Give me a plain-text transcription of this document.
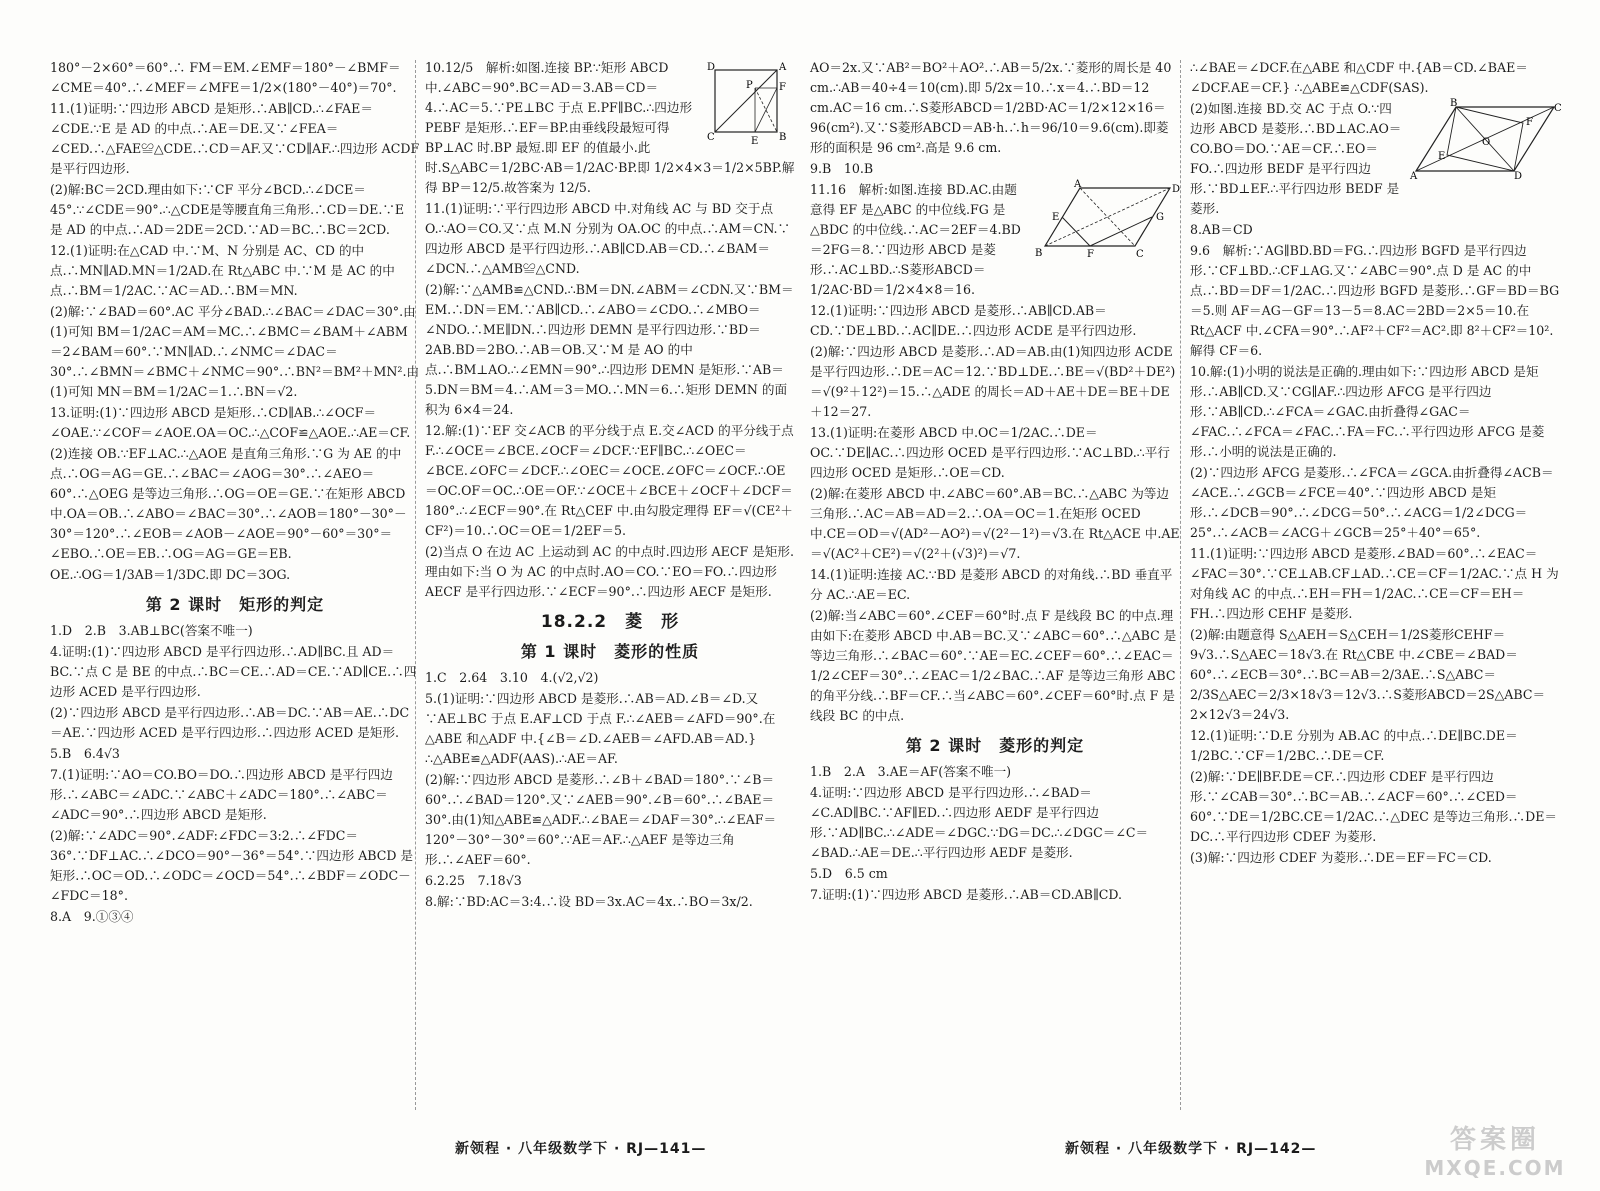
180°－2×60°＝60°.∴ FM＝EM.∠EMF＝180°－∠BMF＝∠CME＝40°.∴∠MEF＝∠MFE＝1/2×(180°－40°)＝70°.

11.(1)证明:∵四边形 ABCD 是矩形.∴AB∥CD.∴∠FAE＝∠CDE.∵E 是 AD 的中点.∴AE＝DE.又∵∠FEA＝∠CED.∴△FAE≌△CDE.∴CD＝AF.又∵CD∥AF.∴四边形 ACDF 是平行四边形.

(2)解:BC＝2CD.理由如下:∵CF 平分∠BCD.∴∠DCE＝45°.∵∠CDE＝90°.∴△CDE是等腰直角三角形.∴CD＝DE.∵E 是 AD 的中点.∴AD＝2DE＝2CD.∵AD＝BC.∴BC＝2CD.

12.(1)证明:在△CAD 中.∵M、N 分别是 AC、CD 的中点.∴MN∥AD.MN＝1/2AD.在 Rt△ABC 中.∵M 是 AC 的中点.∴BM＝1/2AC.∵AC＝AD.∴BM＝MN.

(2)解:∵∠BAD＝60°.AC 平分∠BAD.∴∠BAC＝∠DAC＝30°.由(1)可知 BM＝1/2AC＝AM＝MC.∴∠BMC＝∠BAM＋∠ABM＝2∠BAM＝60°.∵MN∥AD.∴∠NMC＝∠DAC＝30°.∴∠BMN＝∠BMC＋∠NMC＝90°.∴BN²＝BM²＋MN².由(1)可知 MN＝BM＝1/2AC＝1.∴BN＝√2.

13.证明:(1)∵四边形 ABCD 是矩形.∴CD∥AB.∴∠OCF＝∠OAE.∵∠COF＝∠AOE.OA＝OC.∴△COF≌△AOE.∴AE＝CF.

(2)连接 OB.∵EF⊥AC.∴△AOE 是直角三角形.∵G 为 AE 的中点.∴OG＝AG＝GE.∴∠BAC＝∠AOG＝30°.∴∠AEO＝60°.∴△OEG 是等边三角形.∴OG＝OE＝GE.∵在矩形 ABCD 中.OA＝OB.∴∠ABO＝∠BAC＝30°.∴∠AOB＝180°－30°－30°＝120°.∴∠EOB＝∠AOB－∠AOE＝90°－60°＝30°＝∠EBO.∴OE＝EB.∴OG＝AG＝GE＝EB.

OE.∴OG＝1/3AB＝1/3DC.即 DC＝3OG.

第 2 课时　矩形的判定

1.D　2.B　3.AB⊥BC(答案不唯一)

4.证明:(1)∵四边形 ABCD 是平行四边形.∴AD∥BC.且 AD＝BC.∵点 C 是 BE 的中点.∴BC＝CE.∴AD＝CE.∵AD∥CE.∴四边形 ACED 是平行四边形.

(2)∵四边形 ABCD 是平行四边形.∴AB＝DC.∵AB＝AE.∴DC＝AE.∵四边形 ACED 是平行四边形.∴四边形 ACED 是矩形.

5.B　6.4√3

7.(1)证明:∵AO＝CO.BO＝DO.∴四边形 ABCD 是平行四边形.∴∠ABC＝∠ADC.∵∠ABC＋∠ADC＝180°.∴∠ABC＝∠ADC＝90°.∴四边形 ABCD 是矩形.

(2)解:∵∠ADC＝90°.∠ADF:∠FDC＝3:2.∴∠FDC＝36°.∵DF⊥AC.∴∠DCO＝90°－36°＝54°.∵四边形 ABCD 是矩形.∴OC＝OD.∴∠ODC＝∠OCD＝54°.∴∠BDF＝∠ODC－∠FDC＝18°.

8.A　9.①③④

D	A
F
P
C	E B

10.12/5　解析:如图.连接 BP.∵矩形 ABCD 中.∠ABC＝90°.BC＝AD＝3.AB＝CD＝4.∴AC＝5.∵PE⊥BC 于点 E.PF∥BC.∴四边形 PEBF 是矩形.∴EF＝BP.由垂线段最短可得 BP⊥AC 时.BP 最短.即 EF 的值最小.此时.S△ABC＝1/2BC·AB＝1/2AC·BP.即 1/2×4×3＝1/2×5BP.解得 BP＝12/5.故答案为 12/5.

11.(1)证明:∵平行四边形 ABCD 中.对角线 AC 与 BD 交于点 O.∴AO＝CO.又∵点 M.N 分别为 OA.OC 的中点.∴AM＝CN.∵四边形 ABCD 是平行四边形.∴AB∥CD.AB＝CD.∴∠BAM＝∠DCN.∴△AMB≌△CND.

(2)解:∵△AMB≌△CND.∴BM＝DN.∠ABM＝∠CDN.又∵BM＝EM.∴DN＝EM.∵AB∥CD.∴∠ABO＝∠CDO.∴∠MBO＝∠NDO.∴ME∥DN.∴四边形 DEMN 是平行四边形.∵BD＝2AB.BD＝2BO.∴AB＝OB.又∵M 是 AO 的中点.∴BM⊥AO.∴∠EMN＝90°.∴四边形 DEMN 是矩形.∵AB＝5.DN＝BM＝4.∴AM＝3＝MO.∴MN＝6.∴矩形 DEMN 的面积为 6×4＝24.

12.解:(1)∵EF 交∠ACB 的平分线于点 E.交∠ACD 的平分线于点 F.∴∠OCE＝∠BCE.∠OCF＝∠DCF.∵EF∥BC.∴∠OEC＝∠BCE.∠OFC＝∠DCF.∴∠OEC＝∠OCE.∠OFC＝∠OCF.∴OE＝OC.OF＝OC.∴OE＝OF.∵∠OCE＋∠BCE＋∠OCF＋∠DCF＝180°.∴∠ECF＝90°.在 Rt△CEF 中.由勾股定理得 EF＝√(CE²＋CF²)＝10.∴OC＝OE＝1/2EF＝5.

(2)当点 O 在边 AC 上运动到 AC 的中点时.四边形 AECF 是矩形.理由如下:当 O 为 AC 的中点时.AO＝CO.∵EO＝FO.∴四边形 AECF 是平行四边形.∵∠ECF＝90°.∴四边形 AECF 是矩形.

18.2.2　菱　形
第 1 课时　菱形的性质

1.C　2.64　3.10　4.(√2,√2)

5.(1)证明:∵四边形 ABCD 是菱形.∴AB＝AD.∠B＝∠D.又∵AE⊥BC 于点 E.AF⊥CD 于点 F.∴∠AEB＝∠AFD＝90°.在△ABE 和△ADF 中.{∠B＝∠D.∠AEB＝∠AFD.AB＝AD.} ∴△ABE≌△ADF(AAS).∴AE＝AF.

(2)解:∵四边形 ABCD 是菱形.∴∠B＋∠BAD＝180°.∵∠B＝60°.∴∠BAD＝120°.又∵∠AEB＝90°.∠B＝60°.∴∠BAE＝30°.由(1)知△ABE≌△ADF.∴∠BAE＝∠DAF＝30°.∴∠EAF＝120°－30°－30°＝60°.∵AE＝AF.∴△AEF 是等边三角形.∴∠AEF＝60°.

6.2.25　7.18√3

8.解:∵BD:AC＝3:4.∴设 BD＝3x.AC＝4x.∴BO＝3x/2.

新领程 · 八年级数学下 · RJ—141—

AO＝2x.又∵AB²＝BO²＋AO².∴AB＝5/2x.∵菱形的周长是 40 cm.∴AB＝40÷4＝10(cm).即 5/2x＝10.∴x＝4.∴BD＝12 cm.AC＝16 cm.∴S菱形ABCD＝1/2BD·AC＝1/2×12×16＝96(cm²).又∵S菱形ABCD＝AB·h.∴h＝96/10＝9.6(cm).即菱形的面积是 96 cm².高是 9.6 cm.

9.B　10.B

A	D
E	G
B	F	C

11.16　解析:如图.连接 BD.AC.由题意得 EF 是△ABC 的中位线.FG 是△BDC 的中位线.∴AC＝2EF＝4.BD＝2FG＝8.∵四边形 ABCD 是菱形.∴AC⊥BD.∴S菱形ABCD＝1/2AC·BD＝1/2×4×8＝16.

12.(1)证明:∵四边形 ABCD 是菱形.∴AB∥CD.AB＝CD.∵DE⊥BD.∴AC∥DE.∴四边形 ACDE 是平行四边形.

(2)解:∵四边形 ABCD 是菱形.∴AD＝AB.由(1)知四边形 ACDE 是平行四边形.∴DE＝AC＝12.∵BD⊥DE.∴BE＝√(BD²＋DE²)＝√(9²＋12²)＝15.∴△ADE 的周长＝AD＋AE＋DE＝BE＋DE＋12＝27.

13.(1)证明:在菱形 ABCD 中.OC＝1/2AC.∴DE＝OC.∵DE∥AC.∴四边形 OCED 是平行四边形.∵AC⊥BD.∴平行四边形 OCED 是矩形.∴OE＝CD.

(2)解:在菱形 ABCD 中.∠ABC＝60°.AB＝BC.∴△ABC 为等边三角形.∴AC＝AB＝AD＝2.∴OA＝OC＝1.在矩形 OCED 中.CE＝OD＝√(AD²－AO²)＝√(2²－1²)＝√3.在 Rt△ACE 中.AE＝√(AC²＋CE²)＝√(2²＋(√3)²)＝√7.

14.(1)证明:连接 AC.∵BD 是菱形 ABCD 的对角线.∴BD 垂直平分 AC.∴AE＝EC.

(2)解:当∠ABC＝60°.∠CEF＝60°时.点 F 是线段 BC 的中点.理由如下:在菱形 ABCD 中.AB＝BC.又∵∠ABC＝60°.∴△ABC 是等边三角形.∴∠BAC＝60°.∵AE＝EC.∠CEF＝60°.∴∠EAC＝1/2∠CEF＝30°.∴∠EAC＝1/2∠BAC.∴AF 是等边三角形 ABC 的角平分线.∴BF＝CF.∴当∠ABC＝60°.∠CEF＝60°时.点 F 是线段 BC 的中点.

第 2 课时　菱形的判定

1.B　2.A　3.AE＝AF(答案不唯一)

4.证明:∵四边形 ABCD 是平行四边形.∴∠BAD＝∠C.AD∥BC.∵AF∥ED.∴四边形 AEDF 是平行四边形.∵AD∥BC.∴∠ADE＝∠DGC.∵DG＝DC.∴∠DGC＝∠C＝∠BAD.∴AE＝DE.∴平行四边形 AEDF 是菱形.

5.D　6.5 cm

7.证明:(1)∵四边形 ABCD 是菱形.∴AB＝CD.AB∥CD.

∴∠BAE＝∠DCF.在△ABE 和△CDF 中.{AB＝CD.∠BAE＝∠DCF.AE＝CF.} ∴△ABE≌△CDF(SAS).

B	C
F
O
E
A	D

(2)如图.连接 BD.交 AC 于点 O.∵四边形 ABCD 是菱形.∴BD⊥AC.AO＝CO.BO＝DO.∵AE＝CF.∴EO＝FO.∴四边形 BEDF 是平行四边形.∵BD⊥EF.∴平行四边形 BEDF 是菱形.

8.AB＝CD

9.6　解析:∵AG∥BD.BD＝FG.∴四边形 BGFD 是平行四边形.∵CF⊥BD.∴CF⊥AG.又∵∠ABC＝90°.点 D 是 AC 的中点.∴BD＝DF＝1/2AC.∴四边形 BGFD 是菱形.∴GF＝BD＝BG＝5.则 AF＝AG－GF＝13－5＝8.AC＝2BD＝2×5＝10.在 Rt△ACF 中.∠CFA＝90°.∴AF²＋CF²＝AC².即 8²＋CF²＝10².解得 CF＝6.

10.解:(1)小明的说法是正确的.理由如下:∵四边形 ABCD 是矩形.∴AB∥CD.又∵CG∥AF.∴四边形 AFCG 是平行四边形.∵AB∥CD.∴∠FCA＝∠GAC.由折叠得∠GAC＝∠FAC.∴∠FCA＝∠FAC.∴FA＝FC.∴平行四边形 AFCG 是菱形.∴小明的说法是正确的.

(2)∵四边形 AFCG 是菱形.∴∠FCA＝∠GCA.由折叠得∠ACB＝∠ACE.∴∠GCB＝∠FCE＝40°.∵四边形 ABCD 是矩形.∴∠DCB＝90°.∴∠DCG＝50°.∴∠ACG＝1/2∠DCG＝25°.∴∠ACB＝∠ACG＋∠GCB＝25°＋40°＝65°.

11.(1)证明:∵四边形 ABCD 是菱形.∠BAD＝60°.∴∠EAC＝∠FAC＝30°.∵CE⊥AB.CF⊥AD.∴CE＝CF＝1/2AC.∵点 H 为对角线 AC 的中点.∴EH＝FH＝1/2AC.∴CE＝CF＝EH＝FH.∴四边形 CEHF 是菱形.

(2)解:由题意得 S△AEH＝S△CEH＝1/2S菱形CEHF＝9√3.∴S△AEC＝18√3.在 Rt△CBE 中.∠CBE＝∠BAD＝60°.∴∠ECB＝30°.∴BC＝AB＝2/3AE.∴S△ABC＝2/3S△AEC＝2/3×18√3＝12√3.∴S菱形ABCD＝2S△ABC＝2×12√3＝24√3.

12.(1)证明:∵D.E 分别为 AB.AC 的中点.∴DE∥BC.DE＝1/2BC.∵CF＝1/2BC.∴DE＝CF.

(2)解:∵DE∥BF.DE＝CF.∴四边形 CDEF 是平行四边形.∵∠CAB＝30°.∴BC＝AB.∴∠ACF＝60°.∴∠CED＝60°.∵DE＝1/2BC.CE＝1/2AC.∴△DEC 是等边三角形.∴DE＝DC.∴平行四边形 CDEF 为菱形.

(3)解:∵四边形 CDEF 为菱形.∴DE＝EF＝FC＝CD.

新领程 · 八年级数学下 · RJ—142—	答案圈
MXQE.COM
